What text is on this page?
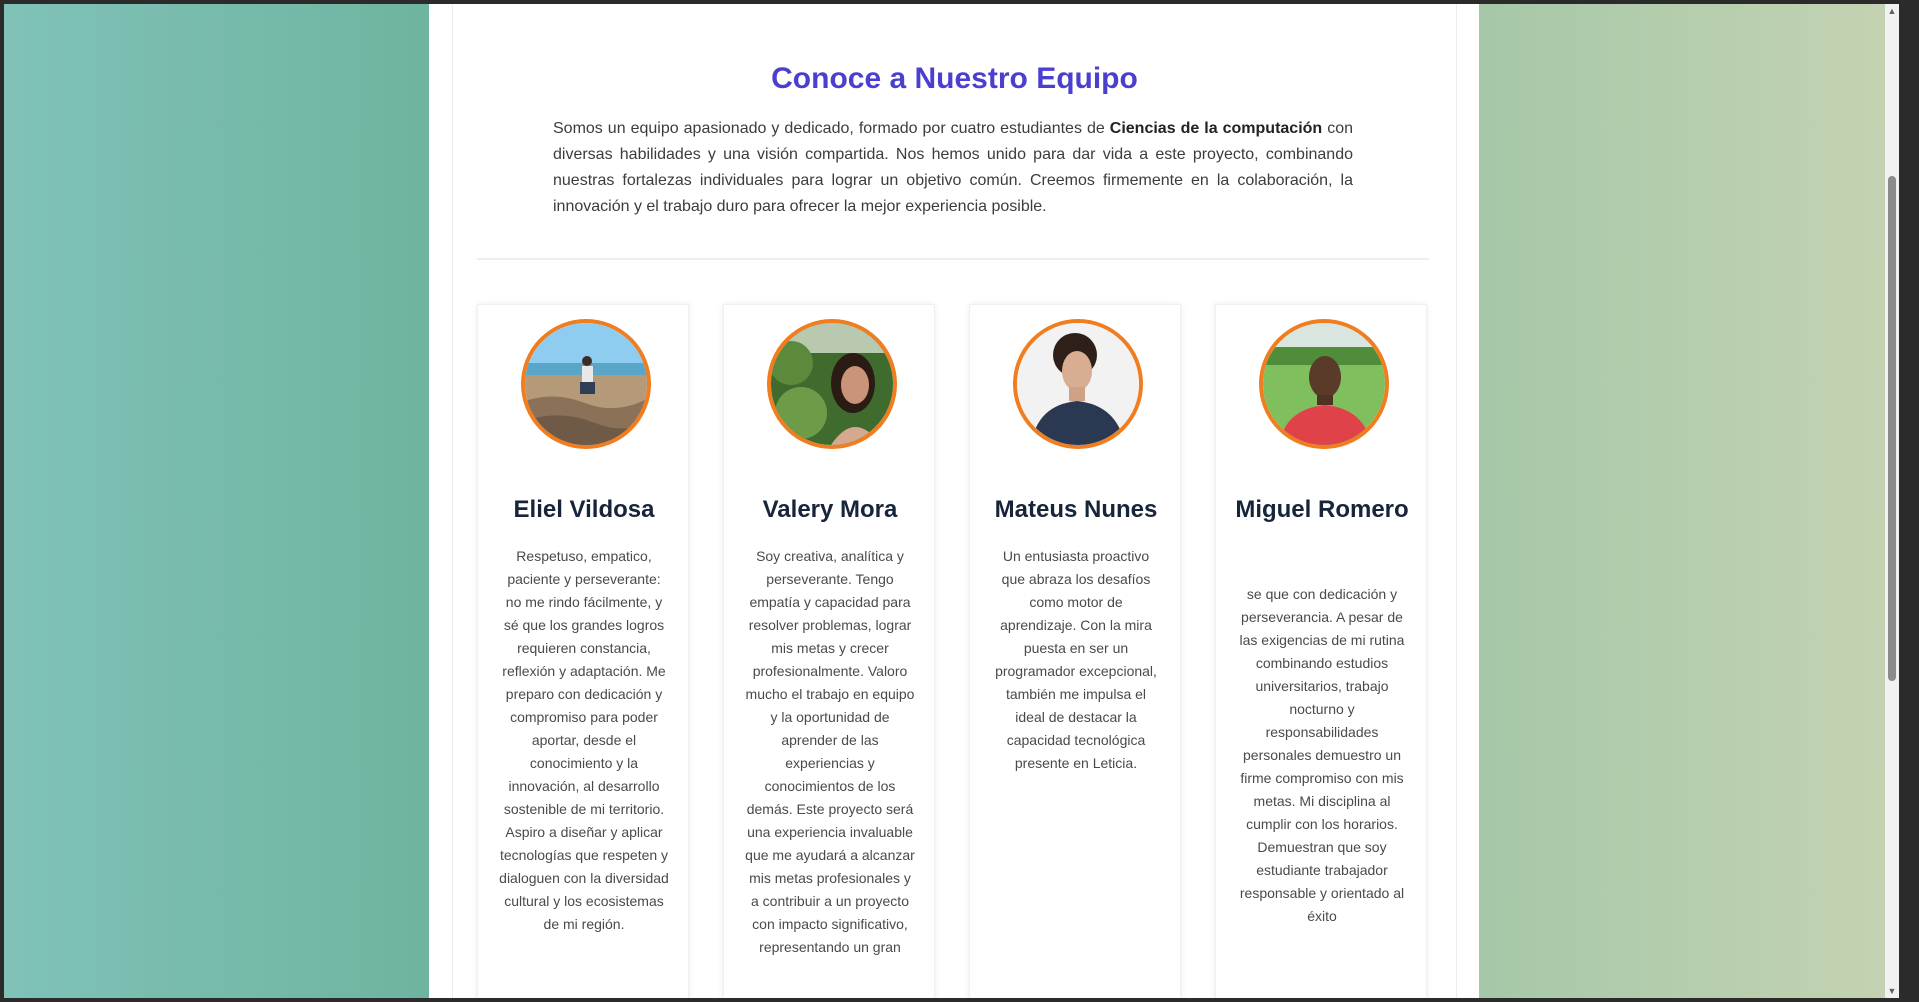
Conoce a Nuestro Equipo

Somos un equipo apasionado y dedicado, formado por cuatro estudiantes de Ciencias de la computación con diversas habilidades y una visión compartida. Nos hemos unido para dar vida a este proyecto, combinando nuestras fortalezas individuales para lograr un objetivo común. Creemos firmemente en la colaboración, la innovación y el trabajo duro para ofrecer la mejor experiencia posible.

Eliel Vildosa

Respetuso, empatico, paciente y perseverante: no me rindo fácilmente, y sé que los grandes logros requieren constancia, reflexión y adaptación. Me preparo con dedicación y compromiso para poder aportar, desde el conocimiento y la innovación, al desarrollo sostenible de mi territorio. Aspiro a diseñar y aplicar tecnologías que respeten y dialoguen con la diversidad cultural y los ecosistemas de mi región.

Valery Mora

Soy creativa, analítica y perseverante. Tengo empatía y capacidad para resolver problemas, lograr mis metas y crecer profesionalmente. Valoro mucho el trabajo en equipo y la oportunidad de aprender de las experiencias y conocimientos de los demás. Este proyecto será una experiencia invaluable que me ayudará a alcanzar mis metas profesionales y a contribuir a un proyecto con impacto significativo, representando un gran

Mateus Nunes

Un entusiasta proactivo que abraza los desafíos como motor de aprendizaje. Con la mira puesta en ser un programador excepcional, también me impulsa el ideal de destacar la capacidad tecnológica presente en Leticia.

Miguel Romero

se que con dedicación y perseverancia. A pesar de las exigencias de mi rutina combinando estudios universitarios, trabajo nocturno y responsabilidades personales demuestro un firme compromiso con mis metas. Mi disciplina al cumplir con los horarios. Demuestran que soy estudiante trabajador responsable y orientado al éxito

▲
▼
